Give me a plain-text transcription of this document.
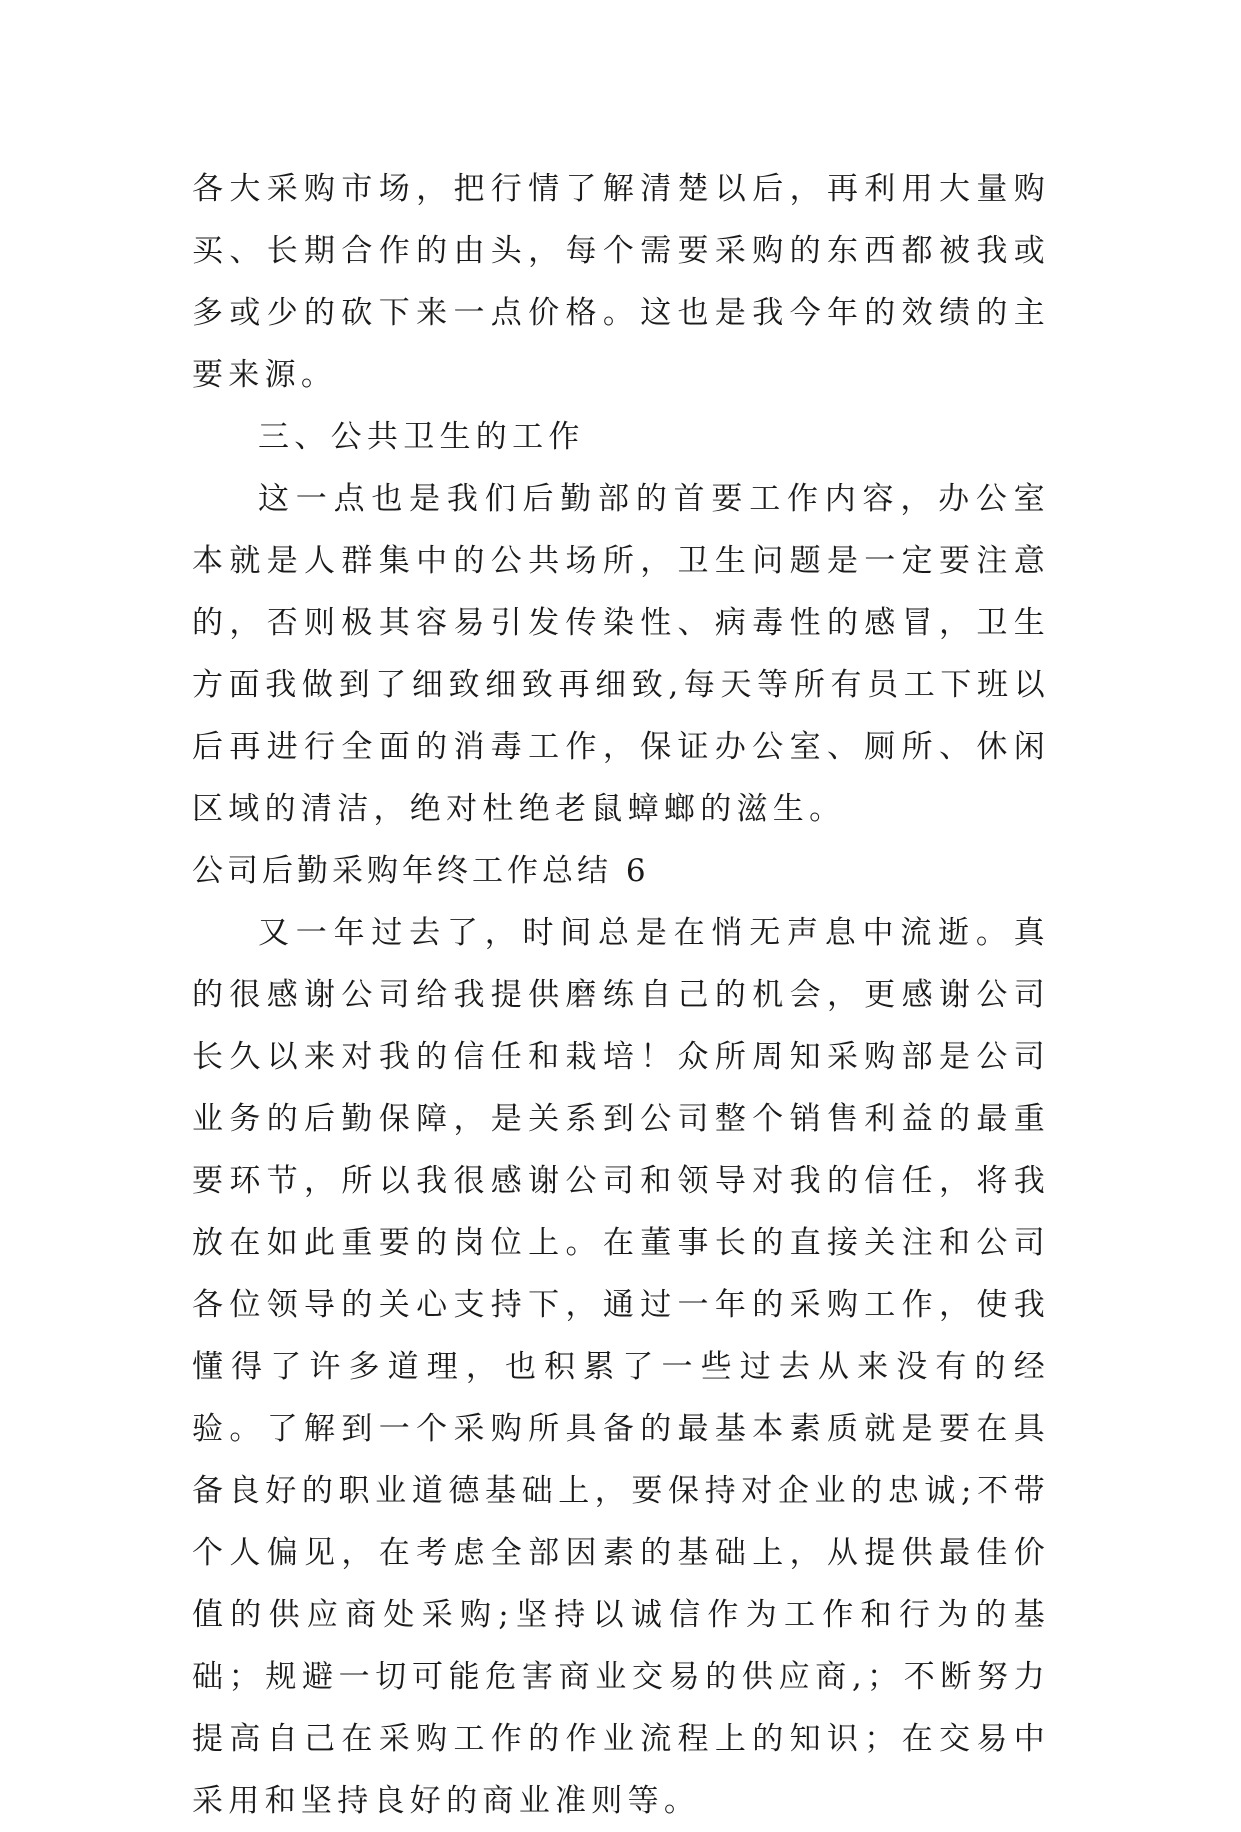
各大采购市场，把行情了解清楚以后，再利用大量购买、长期合作的由头，每个需要采购的东西都被我或多或少的砍下来一点价格。这也是我今年的效绩的主要来源。

三、公共卫生的工作

这一点也是我们后勤部的首要工作内容，办公室本就是人群集中的公共场所，卫生问题是一定要注意的，否则极其容易引发传染性、病毒性的感冒，卫生方面我做到了细致细致再细致,每天等所有员工下班以后再进行全面的消毒工作，保证办公室、厕所、休闲区域的清洁，绝对杜绝老鼠蟑螂的滋生。

公司后勤采购年终工作总结 6

又一年过去了，时间总是在悄无声息中流逝。真的很感谢公司给我提供磨练自己的机会，更感谢公司长久以来对我的信任和栽培！众所周知采购部是公司业务的后勤保障，是关系到公司整个销售利益的最重要环节，所以我很感谢公司和领导对我的信任，将我放在如此重要的岗位上。在董事长的直接关注和公司各位领导的关心支持下，通过一年的采购工作，使我懂得了许多道理，也积累了一些过去从来没有的经验。了解到一个采购所具备的最基本素质就是要在具备良好的职业道德基础上，要保持对企业的忠诚;不带个人偏见，在考虑全部因素的基础上，从提供最佳价值的供应商处采购;坚持以诚信作为工作和行为的基础；规避一切可能危害商业交易的供应商,；不断努力提高自己在采购工作的作业流程上的知识；在交易中采用和坚持良好的商业准则等。
